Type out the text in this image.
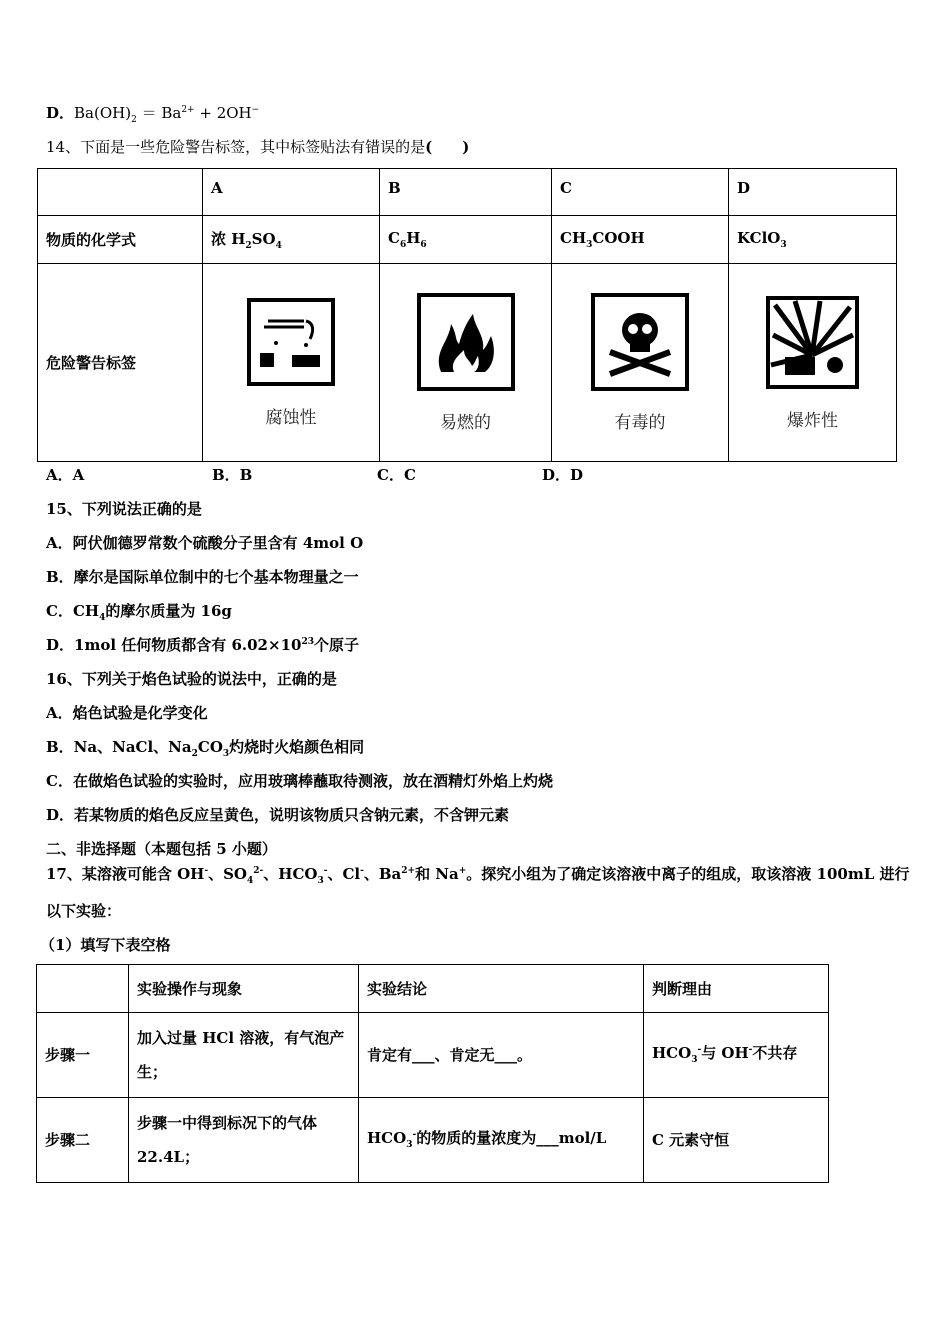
D．$Ba(OH)_2 = Ba^{2+} + 2OH^-$
14、下面是一些危险警告标签，其中标签贴法有错误的是(　　)
	A	B	C	D
物质的化学式	浓 $H_2SO_4$	$C_6H_6$	$CH_3COOH$	KClO$_3$
危险警告标签	腐蚀性	易燃的	有毒的	爆炸性
A．A	B．B	C．C	D．D
15、下列说法正确的是
A．阿伏伽德罗常数个硫酸分子里含有 4mol O
B．摩尔是国际单位制中的七个基本物理量之一
C．$CH_4$的摩尔质量为 16g
D．1mol 任何物质都含有 $6.02\times 10^{23}$个原子
16、下列关于焰色试验的说法中，正确的是
A．焰色试验是化学变化
B．Na、NaCl、$Na_2CO_3$灼烧时火焰颜色相同
C．在做焰色试验的实验时，应用玻璃棒蘸取待测液，放在酒精灯外焰上灼烧
D．若某物质的焰色反应呈黄色，说明该物质只含钠元素，不含钾元素
二、非选择题（本题包括 5 小题）
17、某溶液可能含 OH-、$SO_4^{2-}$、$HCO_3^-$、Cl-、$Ba^{2+}$和 Na+。探究小组为了确定该溶液中离子的组成，取该溶液 100mL 进行
以下实验：
（1）填写下表空格
	实验操作与现象	实验结论	判断理由
步骤一	加入过量 HCl 溶液，有气泡产生；	肯定有___、肯定无___。	$HCO_3^-$与 OH-不共存
步骤二	步骤一中得到标况下的气体 22.4L；	$HCO_3^-$的物质的量浓度为___mol/L	C 元素守恒
